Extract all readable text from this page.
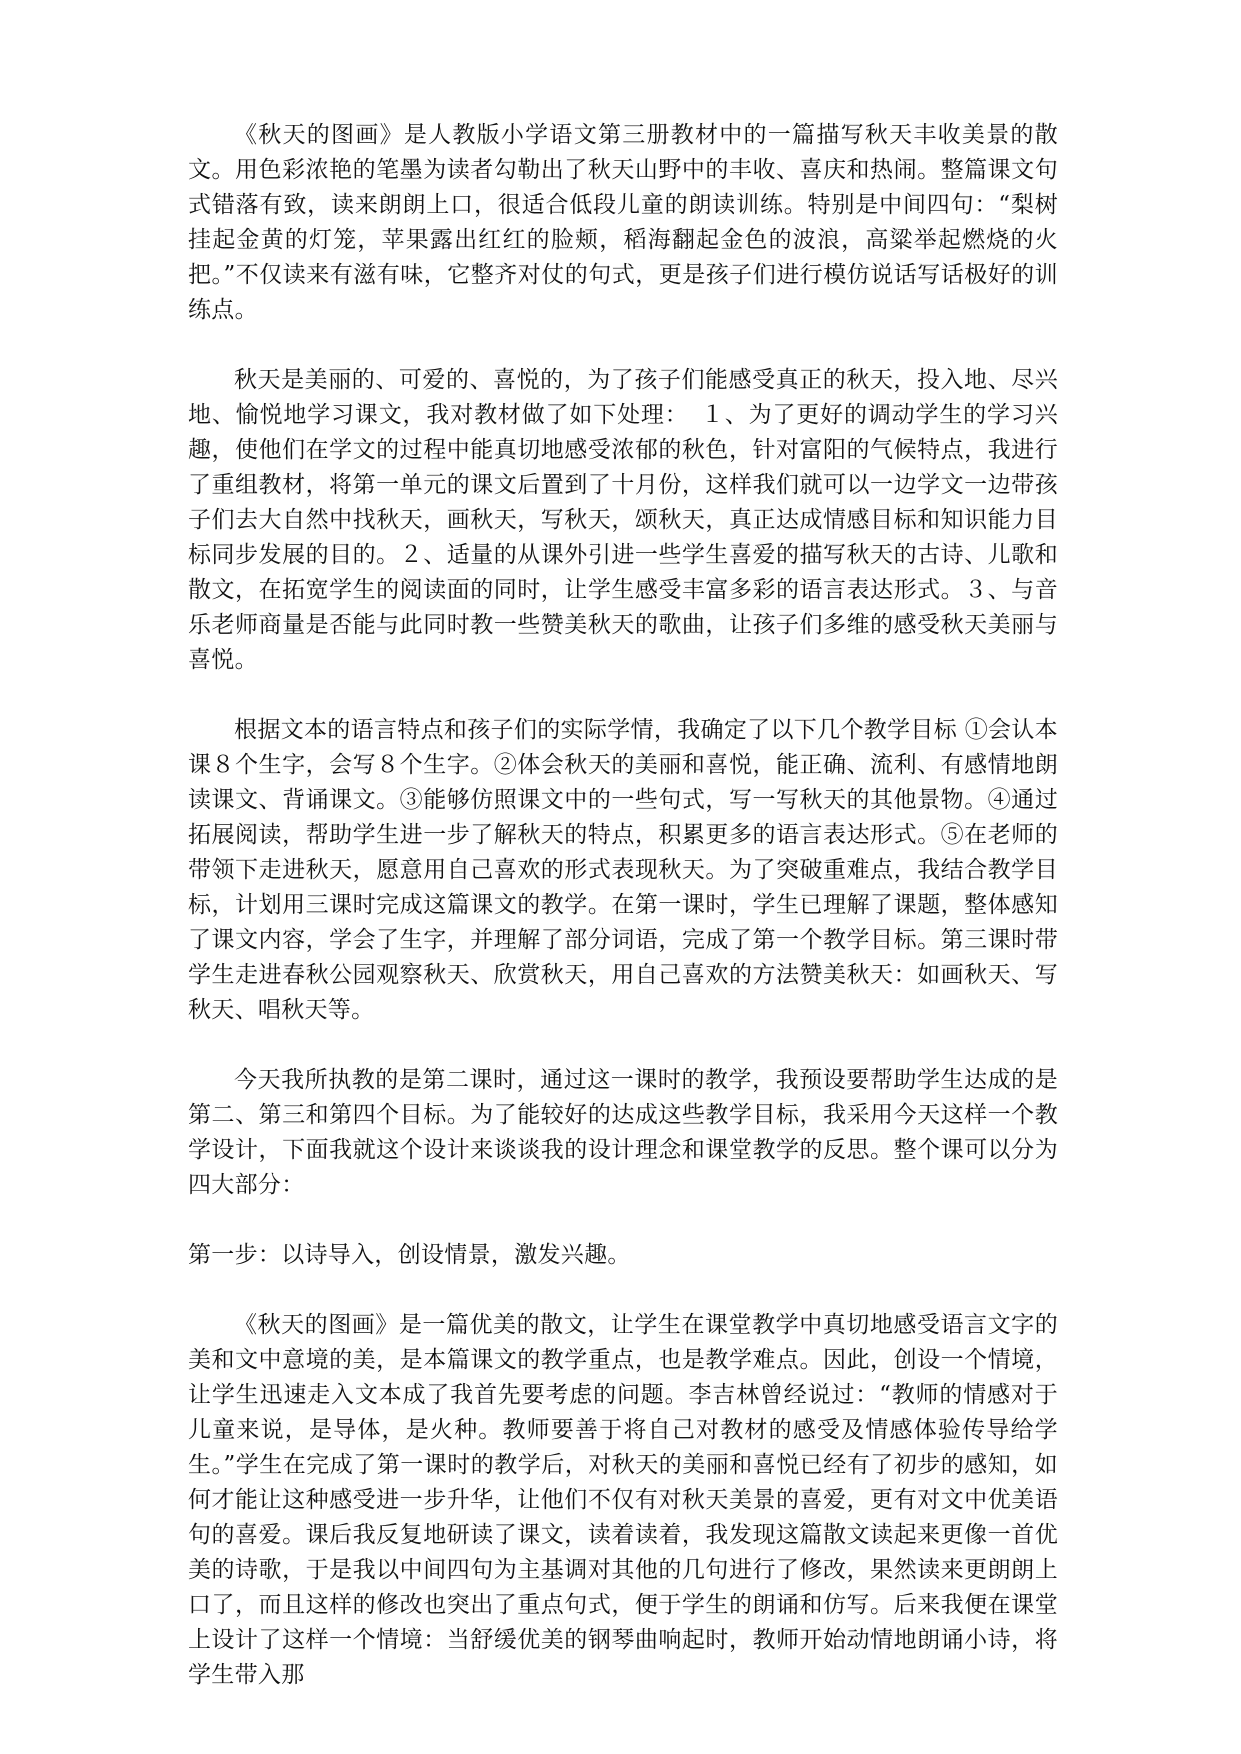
《秋天的图画》是人教版小学语文第三册教材中的一篇描写秋天丰收美景的散文。用色彩浓艳的笔墨为读者勾勒出了秋天山野中的丰收、喜庆和热闹。整篇课文句式错落有致，读来朗朗上口，很适合低段儿童的朗读训练。特别是中间四句：“梨树挂起金黄的灯笼，苹果露出红红的脸颊，稻海翻起金色的波浪，高粱举起燃烧的火把。”不仅读来有滋有味，它整齐对仗的句式，更是孩子们进行模仿说话写话极好的训练点。

秋天是美丽的、可爱的、喜悦的，为了孩子们能感受真正的秋天，投入地、尽兴地、愉悦地学习课文，我对教材做了如下处理：　１、为了更好的调动学生的学习兴趣，使他们在学文的过程中能真切地感受浓郁的秋色，针对富阳的气候特点，我进行了重组教材，将第一单元的课文后置到了十月份，这样我们就可以一边学文一边带孩子们去大自然中找秋天，画秋天，写秋天，颂秋天，真正达成情感目标和知识能力目标同步发展的目的。２、适量的从课外引进一些学生喜爱的描写秋天的古诗、儿歌和散文，在拓宽学生的阅读面的同时，让学生感受丰富多彩的语言表达形式。３、与音乐老师商量是否能与此同时教一些赞美秋天的歌曲，让孩子们多维的感受秋天美丽与喜悦。

根据文本的语言特点和孩子们的实际学情，我确定了以下几个教学目标 ①会认本课８个生字，会写８个生字。②体会秋天的美丽和喜悦，能正确、流利、有感情地朗读课文、背诵课文。③能够仿照课文中的一些句式，写一写秋天的其他景物。④通过拓展阅读，帮助学生进一步了解秋天的特点，积累更多的语言表达形式。⑤在老师的带领下走进秋天，愿意用自己喜欢的形式表现秋天。为了突破重难点，我结合教学目标，计划用三课时完成这篇课文的教学。在第一课时，学生已理解了课题，整体感知了课文内容，学会了生字，并理解了部分词语，完成了第一个教学目标。第三课时带学生走进春秋公园观察秋天、欣赏秋天，用自己喜欢的方法赞美秋天：如画秋天、写秋天、唱秋天等。

今天我所执教的是第二课时，通过这一课时的教学，我预设要帮助学生达成的是第二、第三和第四个目标。为了能较好的达成这些教学目标，我采用今天这样一个教学设计，下面我就这个设计来谈谈我的设计理念和课堂教学的反思。整个课可以分为四大部分：

第一步：以诗导入，创设情景，激发兴趣。

《秋天的图画》是一篇优美的散文，让学生在课堂教学中真切地感受语言文字的美和文中意境的美，是本篇课文的教学重点，也是教学难点。因此，创设一个情境，让学生迅速走入文本成了我首先要考虑的问题。李吉林曾经说过：“教师的情感对于儿童来说，是导体，是火种。教师要善于将自己对教材的感受及情感体验传导给学生。”学生在完成了第一课时的教学后，对秋天的美丽和喜悦已经有了初步的感知，如何才能让这种感受进一步升华，让他们不仅有对秋天美景的喜爱，更有对文中优美语句的喜爱。课后我反复地研读了课文，读着读着，我发现这篇散文读起来更像一首优美的诗歌，于是我以中间四句为主基调对其他的几句进行了修改，果然读来更朗朗上口了，而且这样的修改也突出了重点句式，便于学生的朗诵和仿写。后来我便在课堂上设计了这样一个情境：当舒缓优美的钢琴曲响起时，教师开始动情地朗诵小诗，将学生带入那
